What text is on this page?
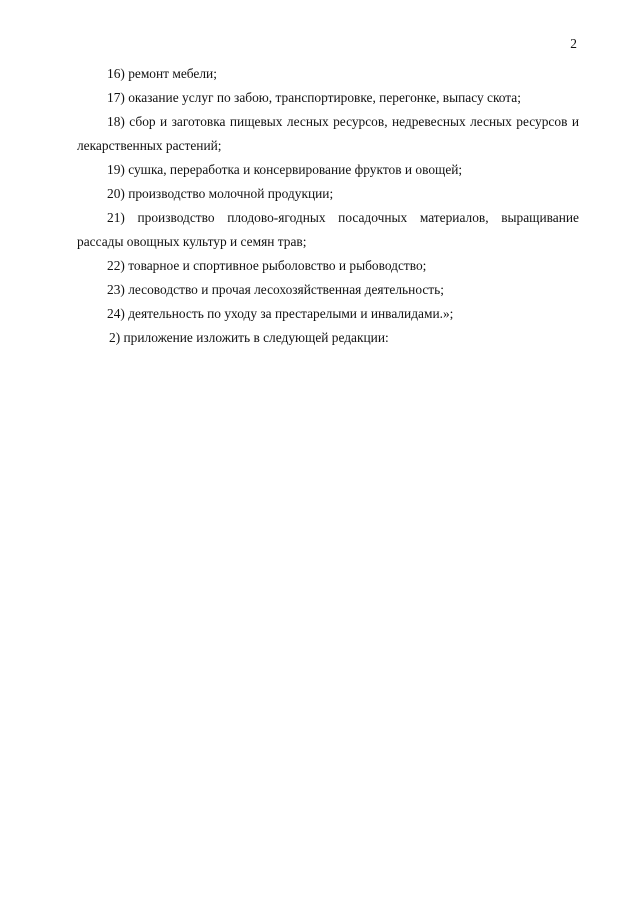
2

16) ремонт мебели;

17) оказание услуг по забою, транспортировке, перегонке, выпасу скота;

18) сбор и заготовка пищевых лесных ресурсов, недревесных лесных ресурсов и лекарственных растений;

19) сушка, переработка и консервирование фруктов и овощей;

20) производство молочной продукции;

21) производство плодово-ягодных посадочных материалов, выращивание рассады овощных культур и семян трав;

22) товарное и спортивное рыболовство и рыбоводство;

23) лесоводство и прочая лесохозяйственная деятельность;

24) деятельность по уходу за престарелыми и инвалидами.»;

2) приложение изложить в следующей редакции:
